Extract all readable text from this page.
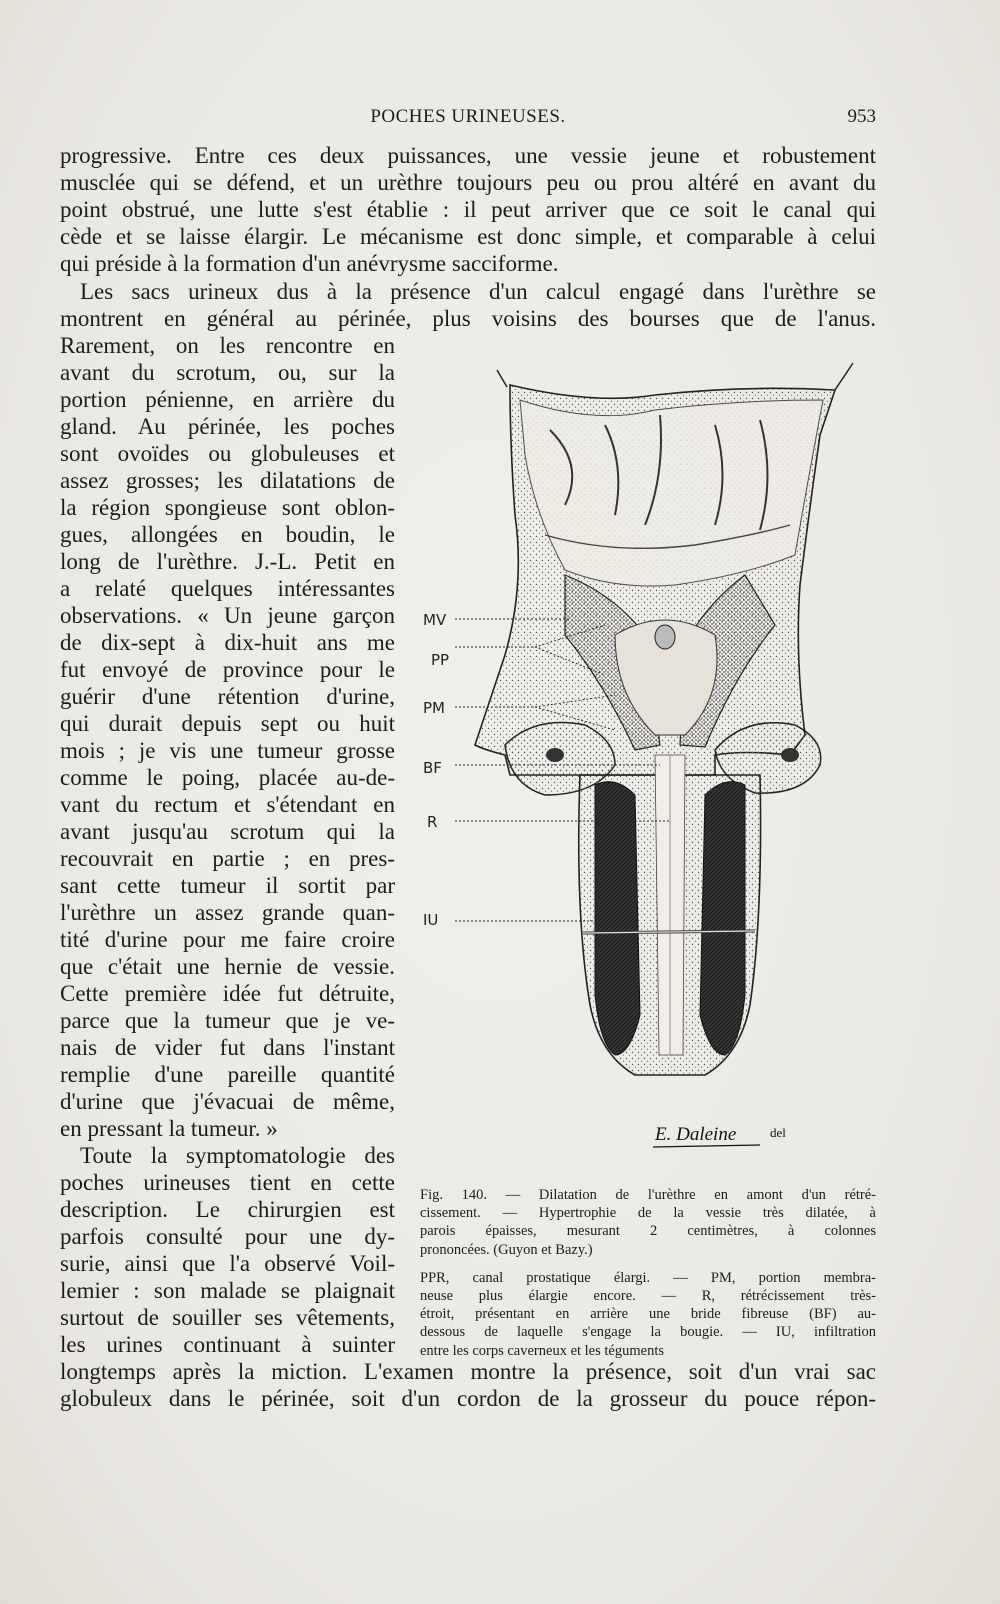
POCHES URINEUSES.	953
progressive. Entre ces deux puissances, une vessie jeune et robustement
musclée qui se défend, et un urèthre toujours peu ou prou altéré en avant du
point obstrué, une lutte s'est établie : il peut arriver que ce soit le canal qui
cède et se laisse élargir. Le mécanisme est donc simple, et comparable à celui
qui préside à la formation d'un anévrysme sacciforme.
Les sacs urineux dus à la présence d'un calcul engagé dans l'urèthre se
montrent en général au périnée, plus voisins des bourses que de l'anus.
Rarement, on les rencontre en
avant du scrotum, ou, sur la
portion pénienne, en arrière du
gland. Au périnée, les poches
sont ovoïdes ou globuleuses et
assez grosses; les dilatations de
la région spongieuse sont oblon-
gues, allongées en boudin, le
long de l'urèthre. J.-L. Petit en
a relaté quelques intéressantes
observations. « Un jeune garçon
de dix-sept à dix-huit ans me
fut envoyé de province pour le
guérir d'une rétention d'urine,
qui durait depuis sept ou huit
mois ; je vis une tumeur grosse
comme le poing, placée au-de-
vant du rectum et s'étendant en
avant jusqu'au scrotum qui la
recouvrait en partie ; en pres-
sant cette tumeur il sortit par
l'urèthre un assez grande quan-
tité d'urine pour me faire croire
que c'était une hernie de vessie.
Cette première idée fut détruite,
parce que la tumeur que je ve-
nais de vider fut dans l'instant
remplie d'une pareille quantité
d'urine que j'évacuai de même,
en pressant la tumeur. »
Toute la symptomatologie des
poches urineuses tient en cette
description. Le chirurgien est
parfois consulté pour une dy-
surie, ainsi que l'a observé Voil-
lemier : son malade se plaignait
surtout de souiller ses vêtements,
les urines continuant à suinter
longtemps après la miction. L'examen montre la présence, soit d'un vrai sac
globuleux dans le périnée, soit d'un cordon de la grosseur du pouce répon-
MV
PP
PM
BF
R
IU
E. Daleine	del
Fig. 140. — Dilatation de l'urèthre en amont d'un rétré-
cissement. — Hypertrophie de la vessie très dilatée, à
parois épaisses, mesurant 2 centimètres, à colonnes
prononcées. (Guyon et Bazy.)
PPR, canal prostatique élargi. — PM, portion membra-
neuse plus élargie encore. — R, rétrécissement très-
étroit, présentant en arrière une bride fibreuse (BF) au-
dessous de laquelle s'engage la bougie. — IU, infiltration
entre les corps caverneux et les téguments
